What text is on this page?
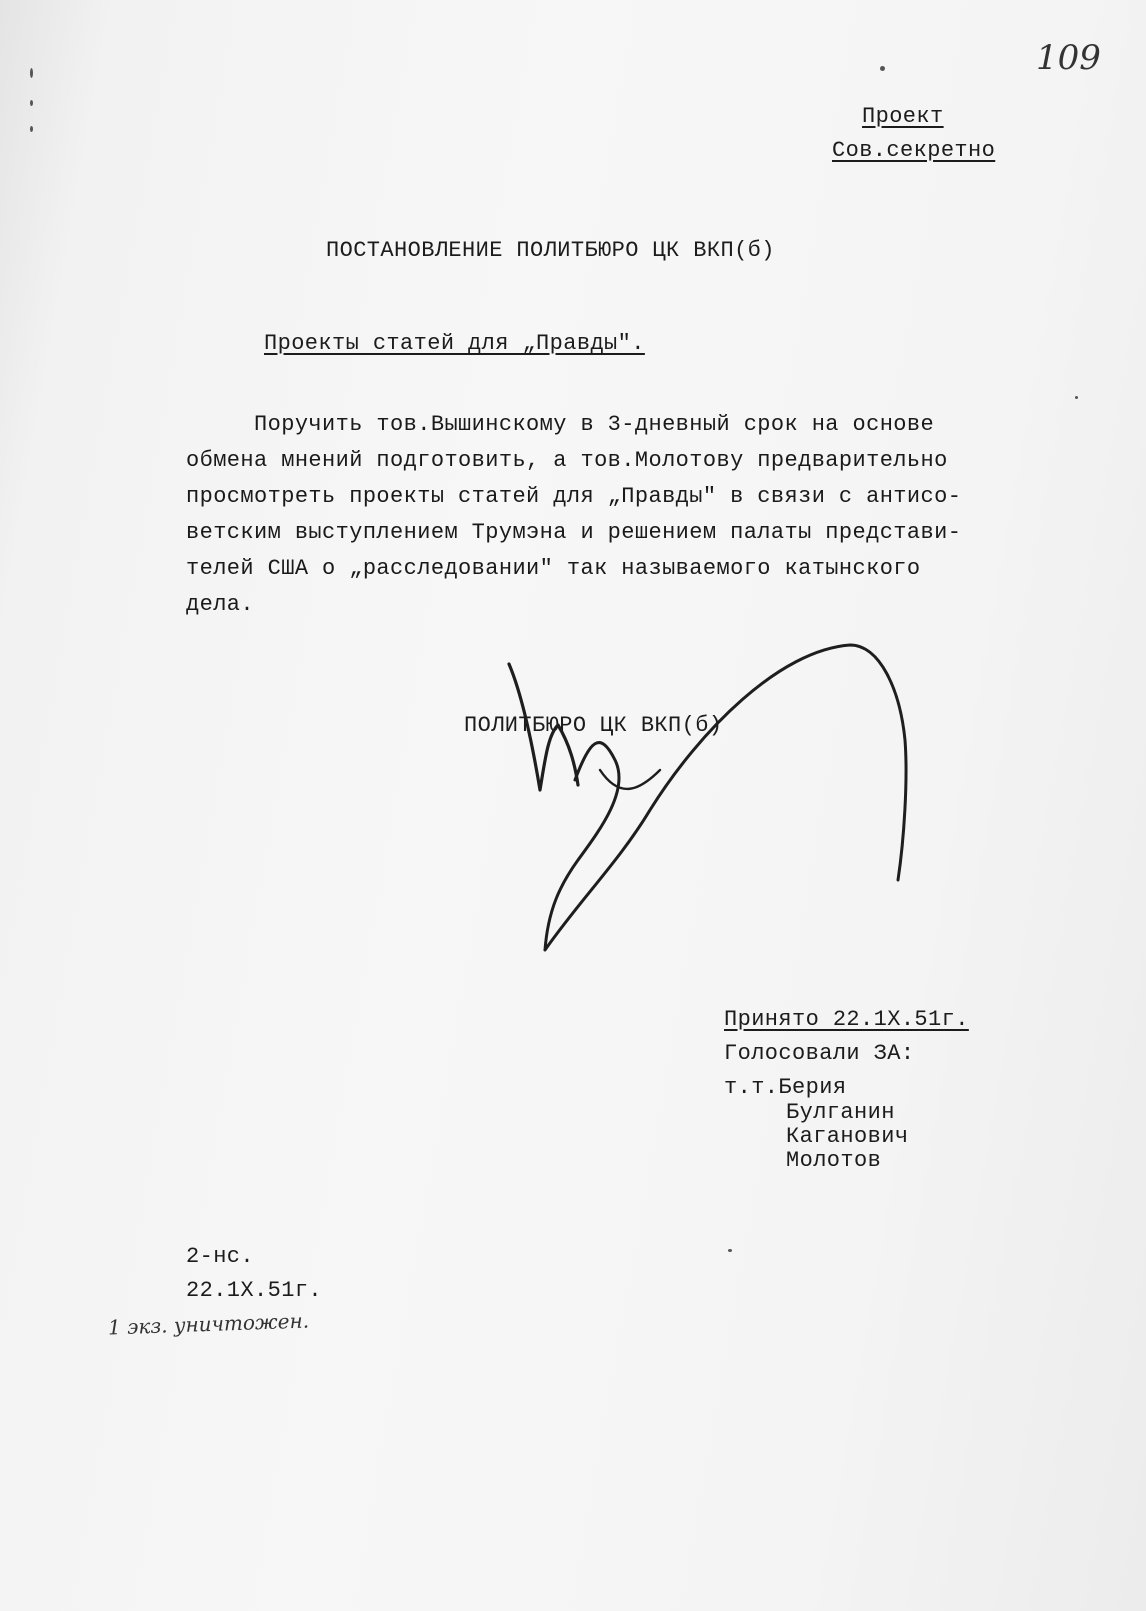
109
Проект
Сов.секретно
ПОСТАНОВЛЕНИЕ ПОЛИТБЮРО ЦК ВКП(б)
Проекты статей для „Правды".
Поручить тов.Вышинскому в 3-дневный срок на основе
обмена мнений подготовить, а тов.Молотову предварительно
просмотреть проекты статей для „Правды" в связи с антисо-
ветским выступлением Трумэна и решением палаты представи-
телей США о „расследовании" так называемого катынского
дела.
ПОЛИТБЮРО ЦК ВКП(б)
Принято 22.1X.51г.
Голосовали ЗА:
т.т.Берия
Булганин
Каганович
Молотов
2-нс.
22.1X.51г.
1 экз. уничтожен.
